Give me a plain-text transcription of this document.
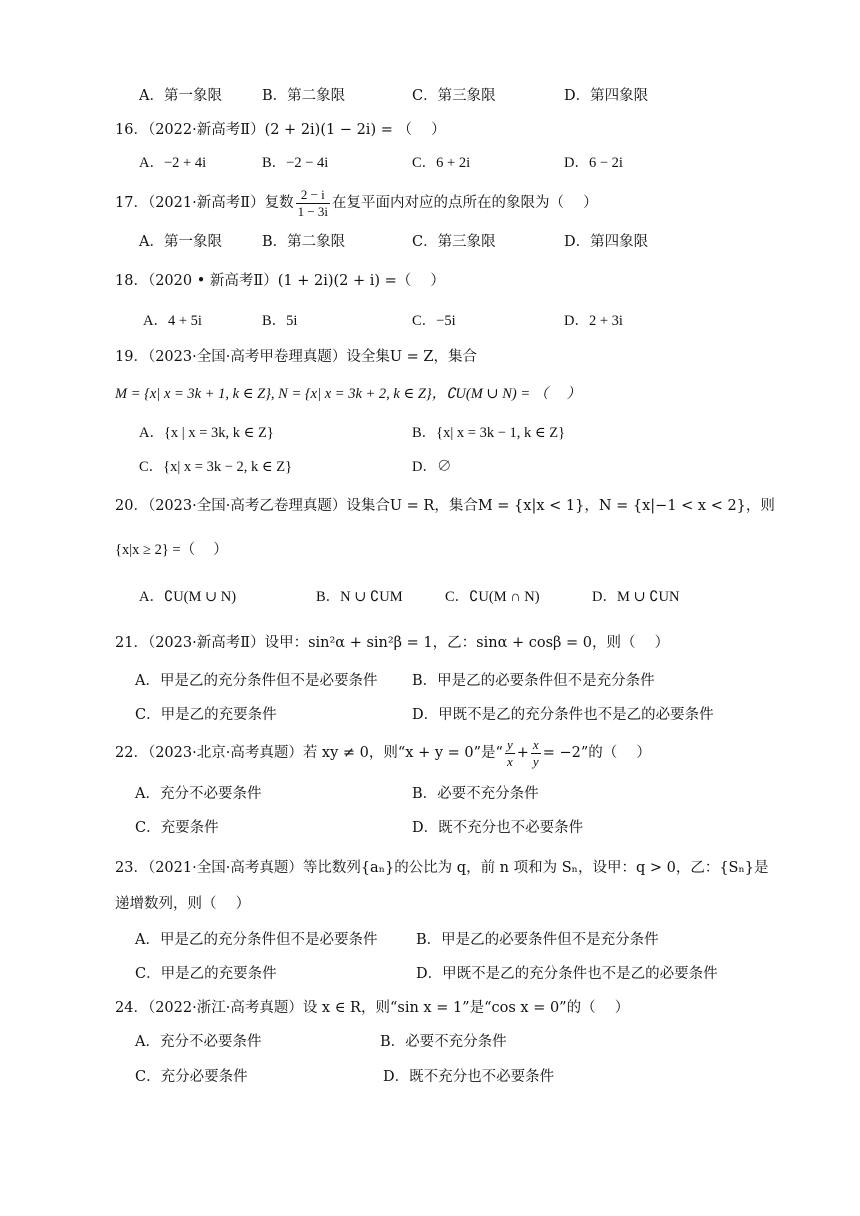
A．第一象限	B．第二象限	C．第三象限	D．第四象限
16．（2022·新高考Ⅱ）(2 + 2i)(1 − 2i) = （　 ）
A．−2 + 4i	B．−2 − 4i	C．6 + 2i	D．6 − 2i
17．（2021·新高考Ⅱ）复数 $\frac{2 - i}{1 - 3i}$ 在复平面内对应的点所在的象限为（　 ）
A．第一象限	B．第二象限	C．第三象限	D．第四象限
18．（2020 • 新高考Ⅱ）(1 + 2i)(2 + i) =（　 ）
A．4 + 5i	B．5i	C．−5i	D．2 + 3i
19．（2023·全国·高考甲卷理真题）设全集U = Z，集合
M = {x| x = 3k + 1, k ∈ Z}, N = {x| x = 3k + 2, k ∈ Z}，∁U(M ∪ N) = （　 ）
A．{x | x = 3k, k ∈ Z}	B．{x| x = 3k − 1, k ∈ Z}
C．{x| x = 3k − 2, k ∈ Z}	D．∅
20．（2023·全国·高考乙卷理真题）设集合U = R，集合M = {x|x < 1}，N = {x|−1 < x < 2}，则
{x|x ≥ 2} =（　 ）
A．∁U(M ∪ N)	B．N ∪ ∁UM	C．∁U(M ∩ N)	D．M ∪ ∁UN
21．（2023·新高考Ⅱ）设甲：sin²α + sin²β = 1，乙：sinα + cosβ = 0，则（　 ）
A．甲是乙的充分条件但不是必要条件 B．甲是乙的必要条件但不是充分条件
C．甲是乙的充要条件	D．甲既不是乙的充分条件也不是乙的必要条件
22．（2023·北京·高考真题）若 xy ≠ 0，则“x + y = 0”是“ $\frac{y}{x} + \frac{x}{y} = -2$”的（　 ）
A．充分不必要条件	B．必要不充分条件
C．充要条件	D．既不充分也不必要条件
23．（2021·全国·高考真题）等比数列{aₙ}的公比为 q，前 n 项和为 Sₙ，设甲：q > 0，乙：{Sₙ}是
递增数列，则（　 ）
A．甲是乙的充分条件但不是必要条件	B．甲是乙的必要条件但不是充分条件
C．甲是乙的充要条件	D．甲既不是乙的充分条件也不是乙的必要条件
24．（2022·浙江·高考真题）设 x ∈ R，则“sin x = 1”是“cos x = 0”的（　 ）
A．充分不必要条件	B．必要不充分条件
C．充分必要条件	D．既不充分也不必要条件
